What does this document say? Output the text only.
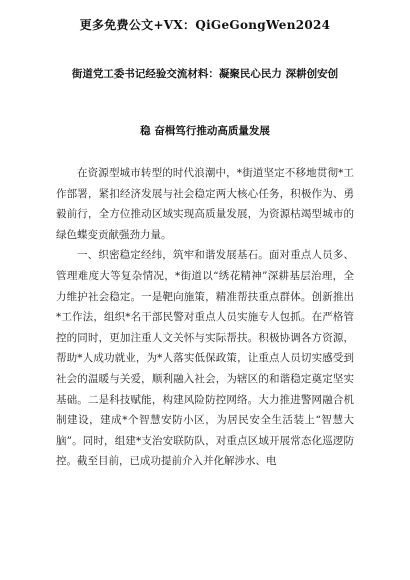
更多免费公文+VX：QiGeGongWen2024
街道党工委书记经验交流材料：凝聚民心民力 深耕创安创
稳 奋楫笃行推动高质量发展

在资源型城市转型的时代浪潮中，*街道坚定不移地贯彻*工作部署，紧扣经济发展与社会稳定两大核心任务，积极作为、勇毅前行，全方位推动区域实现高质量发展，为资源枯竭型城市的绿色蝶变贡献强劲力量。

一、织密稳定经纬，筑牢和谐发展基石。面对重点人员多、管理难度大等复杂情况，*街道以“绣花精神”深耕基层治理，全力维护社会稳定。一是靶向施策，精准帮扶重点群体。创新推出*工作法，组织*名干部民警对重点人员实施专人包抓。在严格管控的同时，更加注重人文关怀与实际帮扶。积极协调各方资源，帮助*人成功就业，为*人落实低保政策，让重点人员切实感受到社会的温暖与关爱，顺利融入社会，为辖区的和谐稳定奠定坚实基础。二是科技赋能，构建风险防控网络。大力推进警网融合机制建设，建成*个智慧安防小区，为居民安全生活装上“智慧大脑”。同时，组建*支治安联防队，对重点区域开展常态化巡逻防控。截至目前，已成功提前介入并化解涉水、电
